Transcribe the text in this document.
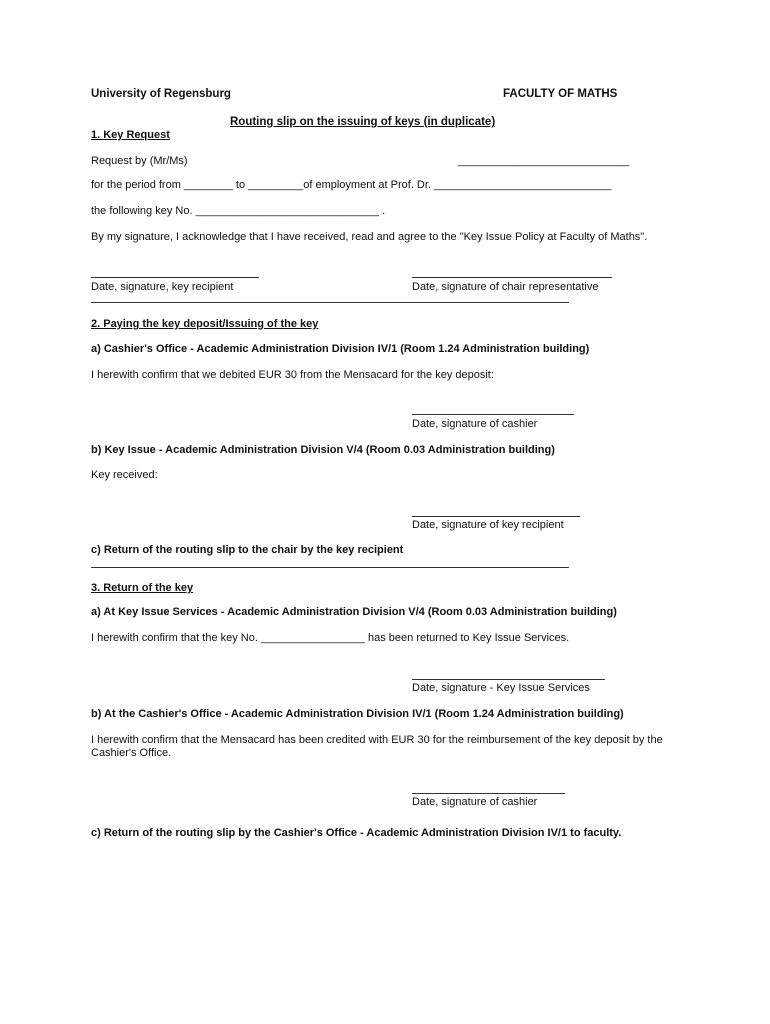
University of Regensburg	FACULTY OF MATHS
Routing slip on the issuing of keys (in duplicate)
1. Key Request
Request by (Mr/Ms)	____________________________
for the period from ________ to _________of employment at Prof. Dr. _____________________________
the following key No. ______________________________ .
By my signature, I acknowledge that I have received, read and agree to the "Key Issue Policy at Faculty of Maths".
Date, signature, key recipient	Date, signature of chair representative
2. Paying the key deposit/Issuing of the key
a) Cashier's Office - Academic Administration Division IV/1 (Room 1.24 Administration building)
I herewith confirm that we debited EUR 30 from the Mensacard for the key deposit:
Date, signature of cashier
b) Key Issue - Academic Administration Division V/4 (Room 0.03 Administration building)
Key received:
Date, signature of key recipient
c) Return of the routing slip to the chair by the key recipient
3. Return of the key
a) At Key Issue Services - Academic Administration Division V/4 (Room 0.03 Administration building)
I herewith confirm that the key No. _________________ has been returned to Key Issue Services.
Date, signature - Key Issue Services
b) At the Cashier's Office - Academic Administration Division IV/1 (Room 1.24 Administration building)
I herewith confirm that the Mensacard has been credited with EUR 30 for the reimbursement of the key deposit by the Cashier's Office.
Date, signature of cashier
c) Return of the routing slip by the Cashier's Office - Academic Administration Division IV/1 to faculty.
